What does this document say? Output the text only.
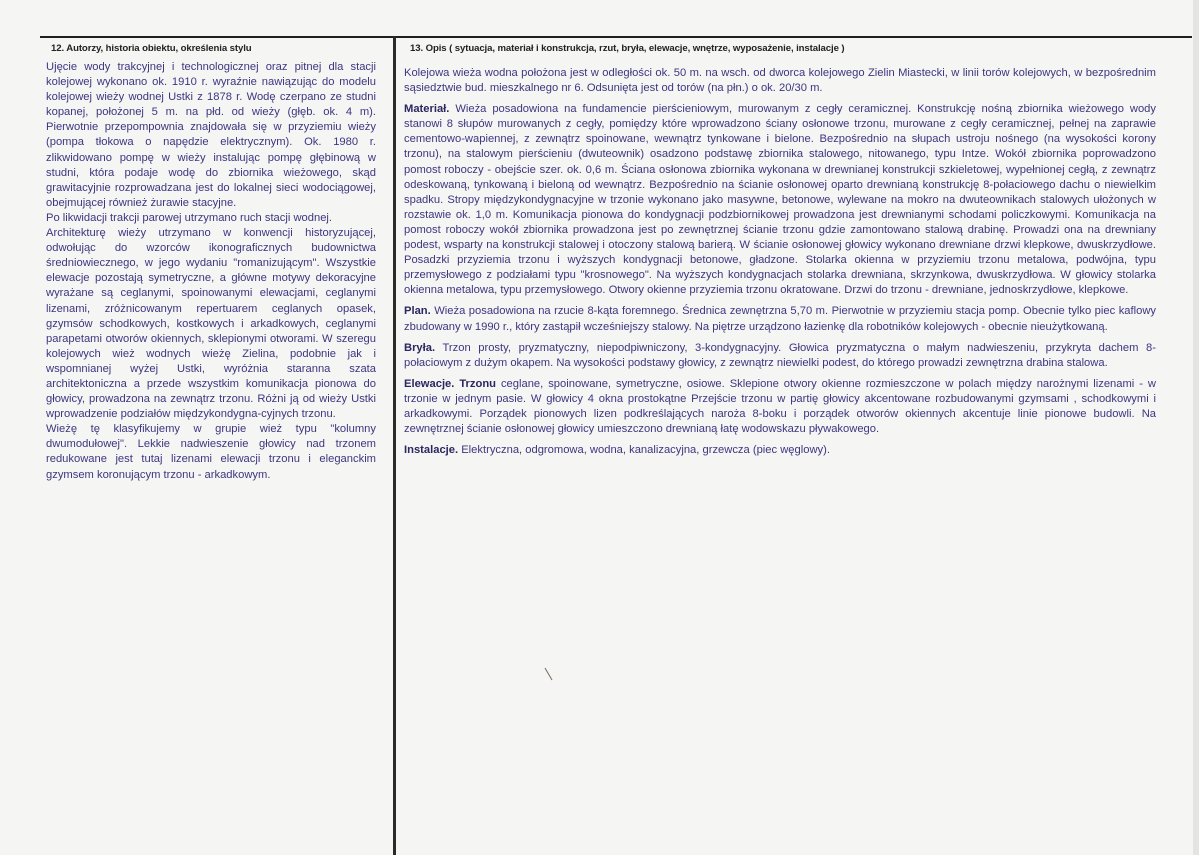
12. Autorzy, historia obiektu, określenia stylu

Ujęcie wody trakcyjnej i technologicznej oraz pitnej dla stacji kolejowej wykonano ok. 1910 r. wyraźnie nawiązując do modelu kolejowej wieży wodnej Ustki z 1878 r. Wodę czerpano ze studni kopanej, położonej 5 m. na płd. od wieży (głęb. ok. 4 m). Pierwotnie przepompownia znajdowała się w przyziemiu wieży (pompa tłokowa o napędzie elektrycznym). Ok. 1980 r. zlikwidowano pompę w wieży instalując pompę głębinową w studni, która podaje wodę do zbiornika wieżowego, skąd grawitacyjnie rozprowadzana jest do lokalnej sieci wodociągowej, obejmującej również żurawie stacyjne.

Po likwidacji trakcji parowej utrzymano ruch stacji wodnej.

Architekturę wieży utrzymano w konwencji historyzującej, odwołując do wzorców ikonograficznych budownictwa średniowiecznego, w jego wydaniu "romanizującym". Wszystkie elewacje pozostają symetryczne, a główne motywy dekoracyjne wyrażane są ceglanymi, spoinowanymi elewacjami, ceglanymi lizenami, zróżnicowanym repertuarem ceglanych opasek, gzymsów schodkowych, kostkowych i arkadkowych, ceglanymi parapetami otworów okiennych, sklepionymi otworami. W szeregu kolejowych wież wodnych wieżę Zielina, podobnie jak i wspomnianej wyżej Ustki, wyróżnia staranna szata architektoniczna a przede wszystkim komunikacja pionowa do głowicy, prowadzona na zewnątrz trzonu. Różni ją od wieży Ustki wprowadzenie podziałów międzykondygna-cyjnych trzonu.

Wieżę tę klasyfikujemy w grupie wież typu "kolumny dwumodułowej". Lekkie nadwieszenie głowicy nad trzonem redukowane jest tutaj lizenami elewacji trzonu i eleganckim gzymsem koronującym trzonu - arkadkowym.

13. Opis ( sytuacja, materiał i konstrukcja, rzut, bryła, elewacje, wnętrze, wyposażenie, instalacje )

Kolejowa wieża wodna położona jest w odległości ok. 50 m. na wsch. od dworca kolejowego Zielin Miastecki, w linii torów kolejowych, w bezpośrednim sąsiedztwie bud. mieszkalnego nr 6. Odsunięta jest od torów (na płn.) o ok. 20/30 m.

Materiał. Wieża posadowiona na fundamencie pierścieniowym, murowanym z cegły ceramicznej. Konstrukcję nośną zbiornika wieżowego wody stanowi 8 słupów murowanych z cegły, pomiędzy które wprowadzono ściany osłonowe trzonu, murowane z cegły ceramicznej, pełnej na zaprawie cementowo-wapiennej, z zewnątrz spoinowane, wewnątrz tynkowane i bielone. Bezpośrednio na słupach ustroju nośnego (na wysokości korony trzonu), na stalowym pierścieniu (dwuteownik) osadzono podstawę zbiornika stalowego, nitowanego, typu Intze. Wokół zbiornika poprowadzono pomost roboczy - obejście szer. ok. 0,6 m. Ściana osłonowa zbiornika wykonana w drewnianej konstrukcji szkieletowej, wypełnionej cegłą, z zewnątrz odeskowaną, tynkowaną i bieloną od wewnątrz. Bezpośrednio na ścianie osłonowej oparto drewnianą konstrukcję 8-połaciowego dachu o niewielkim spadku. Stropy międzykondygnacyjne w trzonie wykonano jako masywne, betonowe, wylewane na mokro na dwuteownikach stalowych ułożonych w rozstawie ok. 1,0 m. Komunikacja pionowa do kondygnacji podzbiornikowej prowadzona jest drewnianymi schodami policzkowymi. Komunikacja na pomost roboczy wokół zbiornika prowadzona jest po zewnętrznej ścianie trzonu gdzie zamontowano stalową drabinę. Prowadzi ona na drewniany podest, wsparty na konstrukcji stalowej i otoczony stalową barierą. W ścianie osłonowej głowicy wykonano drewniane drzwi klepkowe, dwuskrzydłowe. Posadzki przyziemia trzonu i wyższych kondygnacji betonowe, gładzone. Stolarka okienna w przyziemiu trzonu metalowa, podwójna, typu przemysłowego z podziałami typu "krosnowego". Na wyższych kondygnacjach stolarka drewniana, skrzynkowa, dwuskrzydłowa. W głowicy stolarka okienna metalowa, typu przemysłowego. Otwory okienne przyziemia trzonu okratowane. Drzwi do trzonu - drewniane, jednoskrzydłowe, klepkowe.

Plan. Wieża posadowiona na rzucie 8-kąta foremnego. Średnica zewnętrzna 5,70 m. Pierwotnie w przyziemiu stacja pomp. Obecnie tylko piec kaflowy zbudowany w 1990 r., który zastąpił wcześniejszy stalowy. Na piętrze urządzono łazienkę dla robotników kolejowych - obecnie nieużytkowaną.

Bryła. Trzon prosty, pryzmatyczny, niepodpiwniczony, 3-kondygnacyjny. Głowica pryzmatyczna o małym nadwieszeniu, przykryta dachem 8-połaciowym z dużym okapem. Na wysokości podstawy głowicy, z zewnątrz niewielki podest, do którego prowadzi zewnętrzna drabina stalowa.

Elewacje. Trzonu ceglane, spoinowane, symetryczne, osiowe. Sklepione otwory okienne rozmieszczone w polach między narożnymi lizenami - w trzonie w jednym pasie. W głowicy 4 okna prostokątne Przejście trzonu w partię głowicy akcentowane rozbudowanymi gzymsami , schodkowymi i arkadkowymi. Porządek pionowych lizen podkreślających naroża 8-boku i porządek otworów okiennych akcentuje linie pionowe budowli. Na zewnętrznej ścianie osłonowej głowicy umieszczono drewnianą łatę wodowskazu pływakowego.

Instalacje. Elektryczna, odgromowa, wodna, kanalizacyjna, grzewcza (piec węglowy).
